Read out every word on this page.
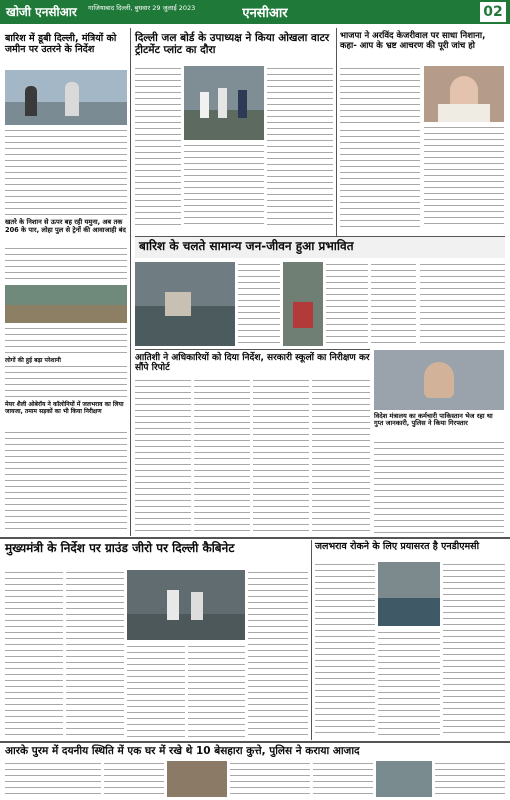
खोजी एनसीआर गाजियाबाद दिल्ली, बुधवार 29 जुलाई 2023	एनसीआर	02
बारिश में डूबी दिल्ली, मंत्रियों को जमीन पर उतरने के निर्देश
खतरे के निशान से ऊपर बह रही यमुना, अब तक 206 के पार, लोहा पुल से ट्रेनों की आवाजाही बंद
लोगों की हुई बढ़ा परेशानी
मेयर शैली ओबेरॉय ने कॉलोनियों में जलभराव का लिया जायजा, तमाम सड़कों का भी किया निरीक्षण
दिल्ली जल बोर्ड के उपाध्यक्ष ने किया ओखला वाटर ट्रीटमेंट प्लांट का दौरा
भाजपा ने अरविंद केजरीवाल पर साधा निशाना, कहा- आप के भ्रष्ट आचरण की पूरी जांच हो
बारिश के चलते सामान्य जन-जीवन हुआ प्रभावित
आतिशी ने अधिकारियों को दिया निर्देश, सरकारी स्कूलों का निरीक्षण कर सौंपे रिपोर्ट
विदेश मंत्रालय का कर्मचारी पाकिस्तान भेज रहा था गुप्त जानकारी, पुलिस ने किया गिरफ्तार
मुख्यमंत्री के निर्देश पर ग्राउंड जीरो पर दिल्ली कैबिनेट	जलभराव रोकने के लिए प्रयासरत है एनडीएमसी
आरके पुरम में दयनीय स्थिति में एक घर में रखे थे 10 बेसहारा कुत्ते, पुलिस ने कराया आजाद
